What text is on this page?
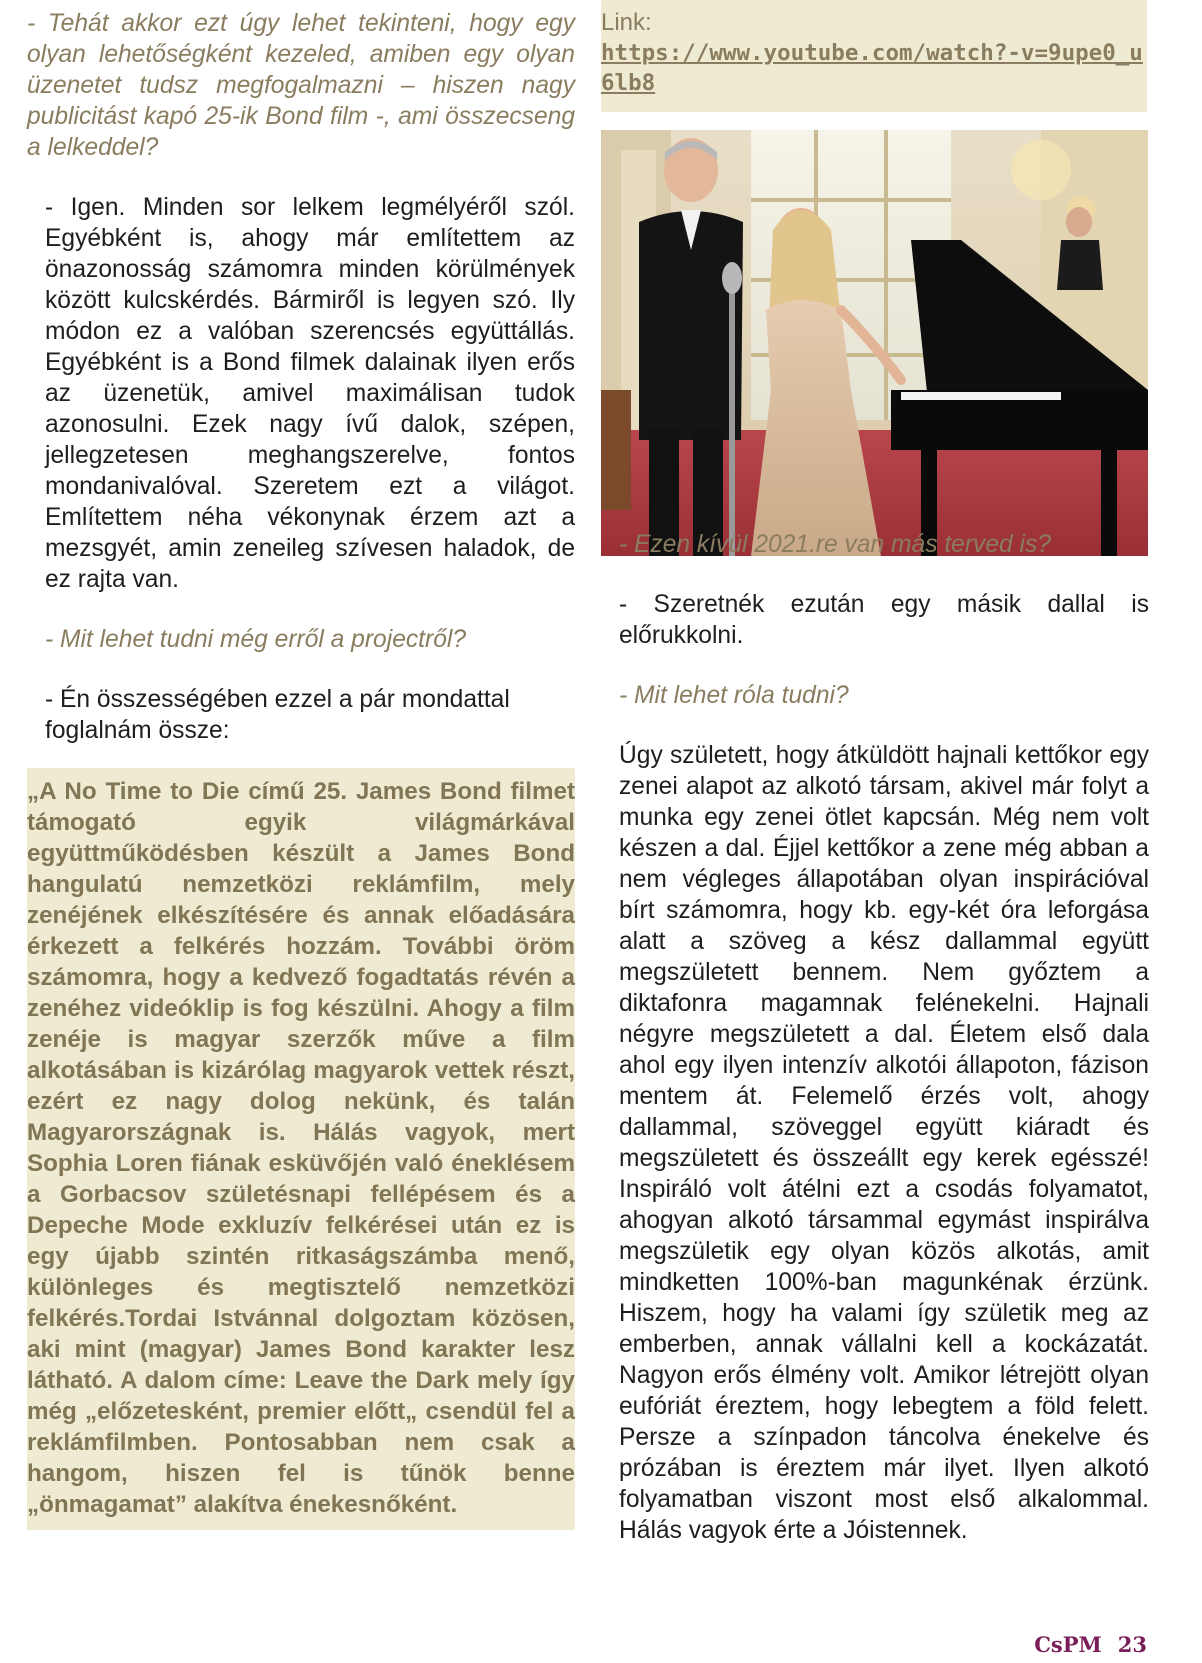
- Tehát akkor ezt úgy lehet tekinteni, hogy egy olyan lehetőségként kezeled, amiben egy olyan üzenetet tudsz megfogalmazni – hiszen nagy publicitást kapó 25-ik Bond film -, ami összecseng a lelkeddel?

- Igen. Minden sor lelkem legmélyéről szól. Egyébként is, ahogy már említettem az önazonosság számomra minden körülmények között kulcskérdés. Bármiről is legyen szó. Ily módon ez a valóban szerencsés együttállás. Egyébként is a Bond filmek dalainak ilyen erős az üzenetük, amivel maximálisan tudok azonosulni. Ezek nagy ívű dalok, szépen, jellegzetesen meghangszerelve, fontos mondanivalóval. Szeretem ezt a világot. Említettem néha vékonynak érzem azt a mezsgyét, amin zeneileg szívesen haladok, de ez rajta van.

- Mit lehet tudni még erről a projectről?

- Én összességében ezzel a pár mondattal foglalnám össze:

„A No Time to Die című 25. James Bond filmet támogató egyik világmárkával együttműködésben készült a James Bond hangulatú nemzetközi reklámfilm, mely zenéjének elkészítésére és annak előadására érkezett a felkérés hozzám. További öröm számomra, hogy a kedvező fogadtatás révén a zenéhez videóklip is fog készülni. Ahogy a film zenéje is magyar szerzők műve a film alkotásában is kizárólag magyarok vettek részt, ezért ez nagy dolog nekünk, és talán Magyarországnak is. Hálás vagyok, mert Sophia Loren fiának esküvőjén való éneklésem a Gorbacsov születésnapi fellépésem és a Depeche Mode exkluzív felkérései után ez is egy újabb szintén ritkaságszámba menő, különleges és megtisztelő nemzetközi felkérés.Tordai Istvánnal dolgoztam közösen, aki mint (magyar) James Bond karakter lesz látható. A dalom címe: Leave the Dark mely így még „előzetesként, premier előtt„ csendül fel a reklámfilmben. Pontosabban nem csak a hangom, hiszen fel is tűnök benne „önmagamat” alakítva énekesnőként.
Link:
https://www.youtube.com/watch?-v=9upe0_u6lb8

- Ezen kívül 2021.re van más terved is?

- Szeretnék ezután egy másik dallal is előrukkolni.

- Mit lehet róla tudni?

Úgy született, hogy átküldött hajnali kettőkor egy zenei alapot az alkotó társam, akivel már folyt a munka egy zenei ötlet kapcsán. Még nem volt készen a dal. Éjjel kettőkor a zene még abban a nem végleges állapotában olyan inspirációval bírt számomra, hogy kb. egy-két óra leforgása alatt a szöveg a kész dallammal együtt megszületett bennem. Nem győztem a diktafonra magamnak felénekelni. Hajnali négyre megszületett a dal. Életem első dala ahol egy ilyen intenzív alkotói állapoton, fázison mentem át. Felemelő érzés volt, ahogy dallammal, szöveggel együtt kiáradt és megszületett és összeállt egy kerek egésszé! Inspiráló volt átélni ezt a csodás folyamatot, ahogyan alkotó társammal egymást inspirálva megszületik egy olyan közös alkotás, amit mindketten 100%-ban magunkénak érzünk. Hiszem, hogy ha valami így születik meg az emberben, annak vállalni kell a kockázatát. Nagyon erős élmény volt. Amikor létrejött olyan eufóriát éreztem, hogy lebegtem a föld felett. Persze a színpadon táncolva énekelve és prózában is éreztem már ilyet. Ilyen alkotó folyamatban viszont most első alkalommal. Hálás vagyok érte a Jóistennek.

CsPM 23
